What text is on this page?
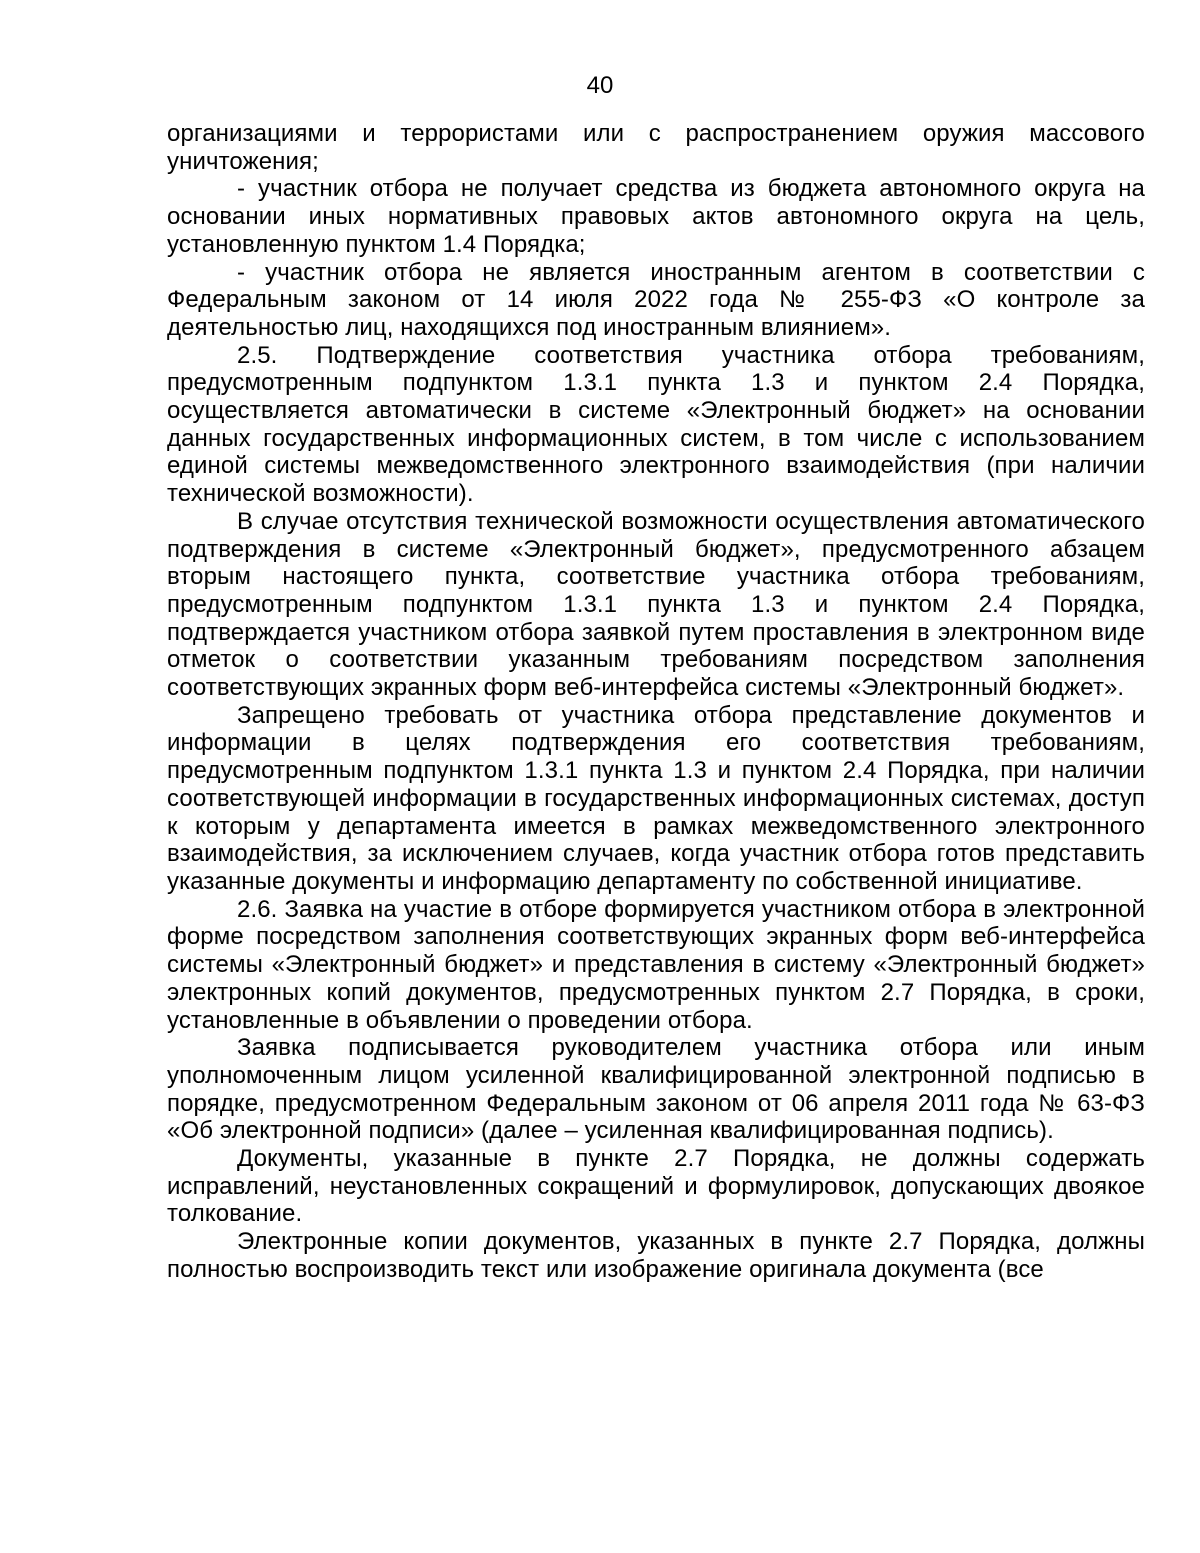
40

организациями и террористами или с распространением оружия массового уничтожения;

- участник отбора не получает средства из бюджета автономного округа на основании иных нормативных правовых актов автономного округа на цель, установленную пунктом 1.4 Порядка;

- участник отбора не является иностранным агентом в соответствии с Федеральным законом от 14 июля 2022 года № 255-ФЗ «О контроле за деятельностью лиц, находящихся под иностранным влиянием».

2.5. Подтверждение соответствия участника отбора требованиям, предусмотренным подпунктом 1.3.1 пункта 1.3 и пунктом 2.4 Порядка, осуществляется автоматически в системе «Электронный бюджет» на основании данных государственных информационных систем, в том числе с использованием единой системы межведомственного электронного взаимодействия (при наличии технической возможности).

В случае отсутствия технической возможности осуществления автоматического подтверждения в системе «Электронный бюджет», предусмотренного абзацем вторым настоящего пункта, соответствие участника отбора требованиям, предусмотренным подпунктом 1.3.1 пункта 1.3 и пунктом 2.4 Порядка, подтверждается участником отбора заявкой путем проставления в электронном виде отметок о соответствии указанным требованиям посредством заполнения соответствующих экранных форм веб-интерфейса системы «Электронный бюджет».

Запрещено требовать от участника отбора представление документов и информации в целях подтверждения его соответствия требованиям, предусмотренным подпунктом 1.3.1 пункта 1.3 и пунктом 2.4 Порядка, при наличии соответствующей информации в государственных информационных системах, доступ к которым у департамента имеется в рамках межведомственного электронного взаимодействия, за исключением случаев, когда участник отбора готов представить указанные документы и информацию департаменту по собственной инициативе.

2.6. Заявка на участие в отборе формируется участником отбора в электронной форме посредством заполнения соответствующих экранных форм веб-интерфейса системы «Электронный бюджет» и представления в систему «Электронный бюджет» электронных копий документов, предусмотренных пунктом 2.7 Порядка, в сроки, установленные в объявлении о проведении отбора.

Заявка подписывается руководителем участника отбора или иным уполномоченным лицом усиленной квалифицированной электронной подписью в порядке, предусмотренном Федеральным законом от 06 апреля 2011 года № 63-ФЗ «Об электронной подписи» (далее – усиленная квалифицированная подпись).

Документы, указанные в пункте 2.7 Порядка, не должны содержать исправлений, неустановленных сокращений и формулировок, допускающих двоякое толкование.

Электронные копии документов, указанных в пункте 2.7 Порядка, должны полностью воспроизводить текст или изображение оригинала документа (все
